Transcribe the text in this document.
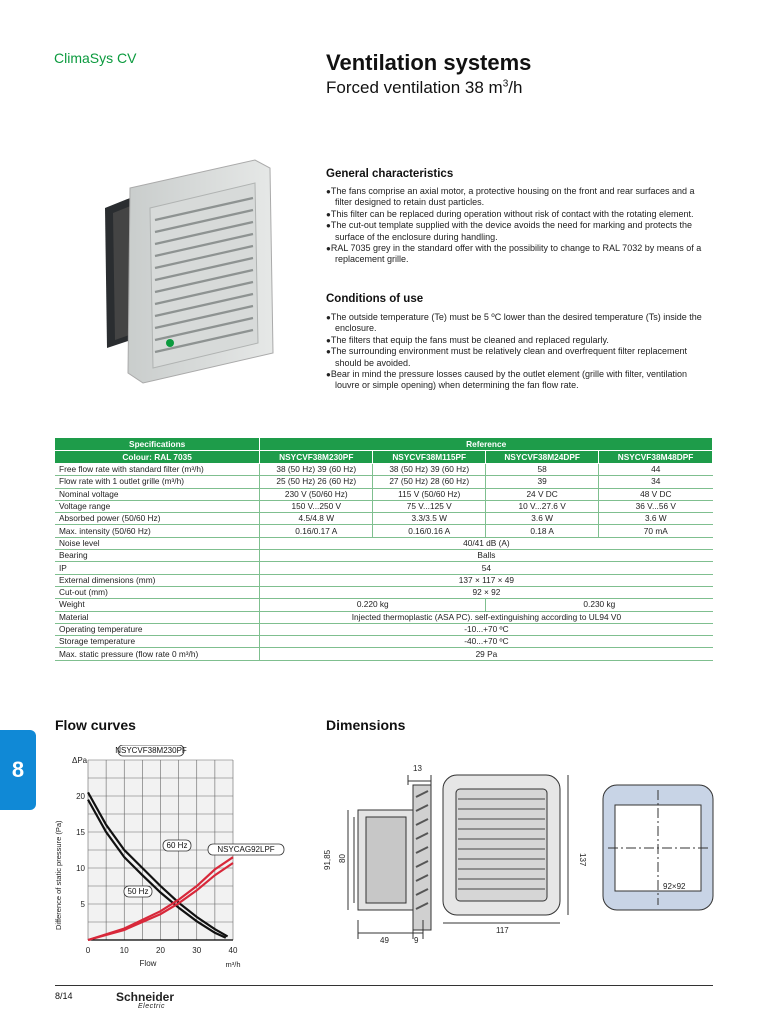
ClimaSys CV	Ventilation systems
Forced ventilation 38 $m^3/h$
General characteristics
● The fans comprise an axial motor, a protective housing on the front and rear surfaces and a filter designed to retain dust particles.
● This filter can be replaced during operation without risk of contact with the rotating element.
● The cut-out template supplied with the device avoids the need for marking and protects the surface of the enclosure during handling.
● RAL 7035 grey in the standard offer with the possibility to change to RAL 7032 by means of a replacement grille.
Conditions of use
● The outside temperature (Te) must be 5 ºC lower than the desired temperature (Ts) inside the enclosure.
● The filters that equip the fans must be cleaned and replaced regularly.
● The surrounding environment must be relatively clean and overfrequent filter replacement should be avoided.
● Bear in mind the pressure losses caused by the outlet element (grille with filter, ventilation louvre or simple opening) when determining the fan flow rate.
Specifications	Reference			
Colour: RAL 7035	NSYCVF38M230PF	NSYCVF38M115PF	NSYCVF38M24DPF	NSYCVF38M48DPF
Free flow rate with standard filter (m³/h)	38 (50 Hz) 39 (60 Hz)	38 (50 Hz) 39 (60 Hz)	58	44
Flow rate with 1 outlet grille (m³/h)	25 (50 Hz) 26 (60 Hz)	27 (50 Hz) 28 (60 Hz)	39	34
Nominal voltage	230 V (50/60 Hz)	115 V (50/60 Hz)	24 V DC	48 V DC
Voltage range	150 V...250 V	75 V...125 V	10 V...27.6 V	36 V...56 V
Absorbed power (50/60 Hz)	4.5/4.8 W	3.3/3.5 W	3.6 W	3.6 W
Max. intensity (50/60 Hz)	0.16/0.17 A	0.16/0.16 A	0.18 A	70 mA
Noise level	40/41 dB (A)			
Bearing	Balls			
IP	54			
External dimensions (mm)	137 × 117 × 49			
Cut-out (mm)	92 × 92			
Weight	0.220 kg		0.230 kg	
Material	Injected thermoplastic (ASA PC). self-extinguishing according to UL94 V0			
Operating temperature	-10...+70 ºC			
Storage temperature	-40...+70 ºC			
Max. static pressure (flow rate 0 m³/h)	29 Pa			
8
Flow curves
0	10	20	30	40
5
10
15
20
Flow	m³/h
Difference of static pressure (Pa)
ΔPa
NSYCVF38M230PF
60 Hz
50 Hz
NSYCAG92LPF
Dimensions
13
91,85 80
49	9
117
137
92×92
8/14	Schneider
Electric
